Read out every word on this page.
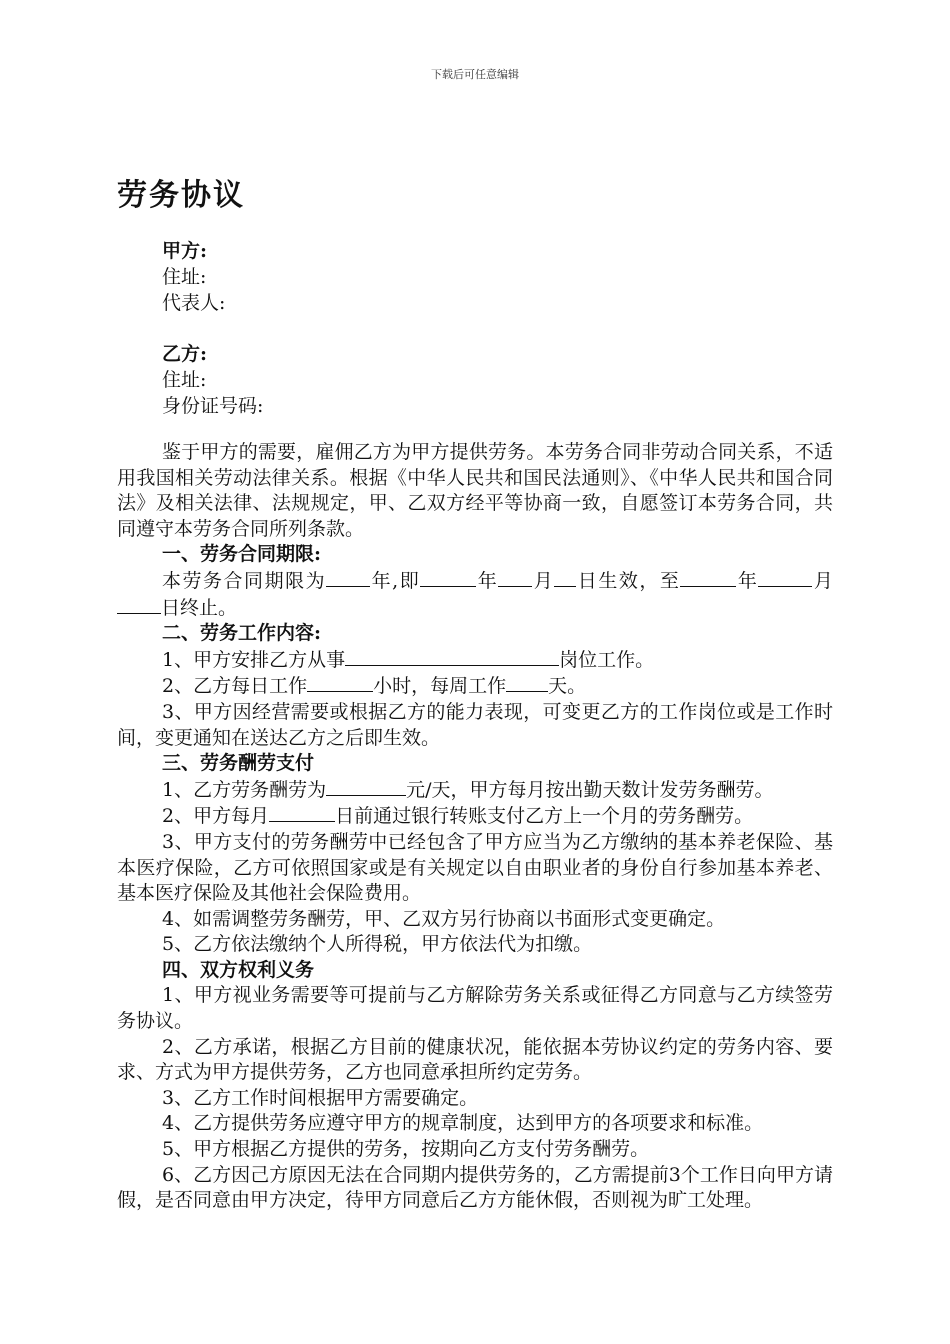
下载后可任意编辑
劳务协议
甲方:
住址:
代表人:
乙方:
住址:
身份证号码:

鉴于甲方的需要，雇佣乙方为甲方提供劳务。本劳务合同非劳动合同关系，不适用我国相关劳动法律关系。根据《中华人民共和国民法通则》、《中华人民共和国合同法》及相关法律、法规规定，甲、乙双方经平等协商一致，自愿签订本劳务合同，共同遵守本劳务合同所列条款。

一、劳务合同期限:

本劳务合同期限为 年,即	年 月 日生效，至	年	月日终止。

二、劳务工作内容:

1、甲方安排乙方从事	岗位工作。

2、乙方每日工作	小时，每周工作 天。

3、甲方因经营需要或根据乙方的能力表现，可变更乙方的工作岗位或是工作时间，变更通知在送达乙方之后即生效。

三、劳务酬劳支付

1、乙方劳务酬劳为	元/天，甲方每月按出勤天数计发劳务酬劳。

2、甲方每月	日前通过银行转账支付乙方上一个月的劳务酬劳。

3、甲方支付的劳务酬劳中已经包含了甲方应当为乙方缴纳的基本养老保险、基本医疗保险，乙方可依照国家或是有关规定以自由职业者的身份自行参加基本养老、基本医疗保险及其他社会保险费用。

4、如需调整劳务酬劳，甲、乙双方另行协商以书面形式变更确定。

5、乙方依法缴纳个人所得税，甲方依法代为扣缴。

四、双方权利义务

1、甲方视业务需要等可提前与乙方解除劳务关系或征得乙方同意与乙方续签劳务协议。

2、乙方承诺，根据乙方目前的健康状况，能依据本劳协议约定的劳务内容、要求、方式为甲方提供劳务，乙方也同意承担所约定劳务。

3、乙方工作时间根据甲方需要确定。

4、乙方提供劳务应遵守甲方的规章制度，达到甲方的各项要求和标准。

5、甲方根据乙方提供的劳务，按期向乙方支付劳务酬劳。

6、乙方因己方原因无法在合同期内提供劳务的，乙方需提前3个工作日向甲方请假，是否同意由甲方决定，待甲方同意后乙方方能休假，否则视为旷工处理。
